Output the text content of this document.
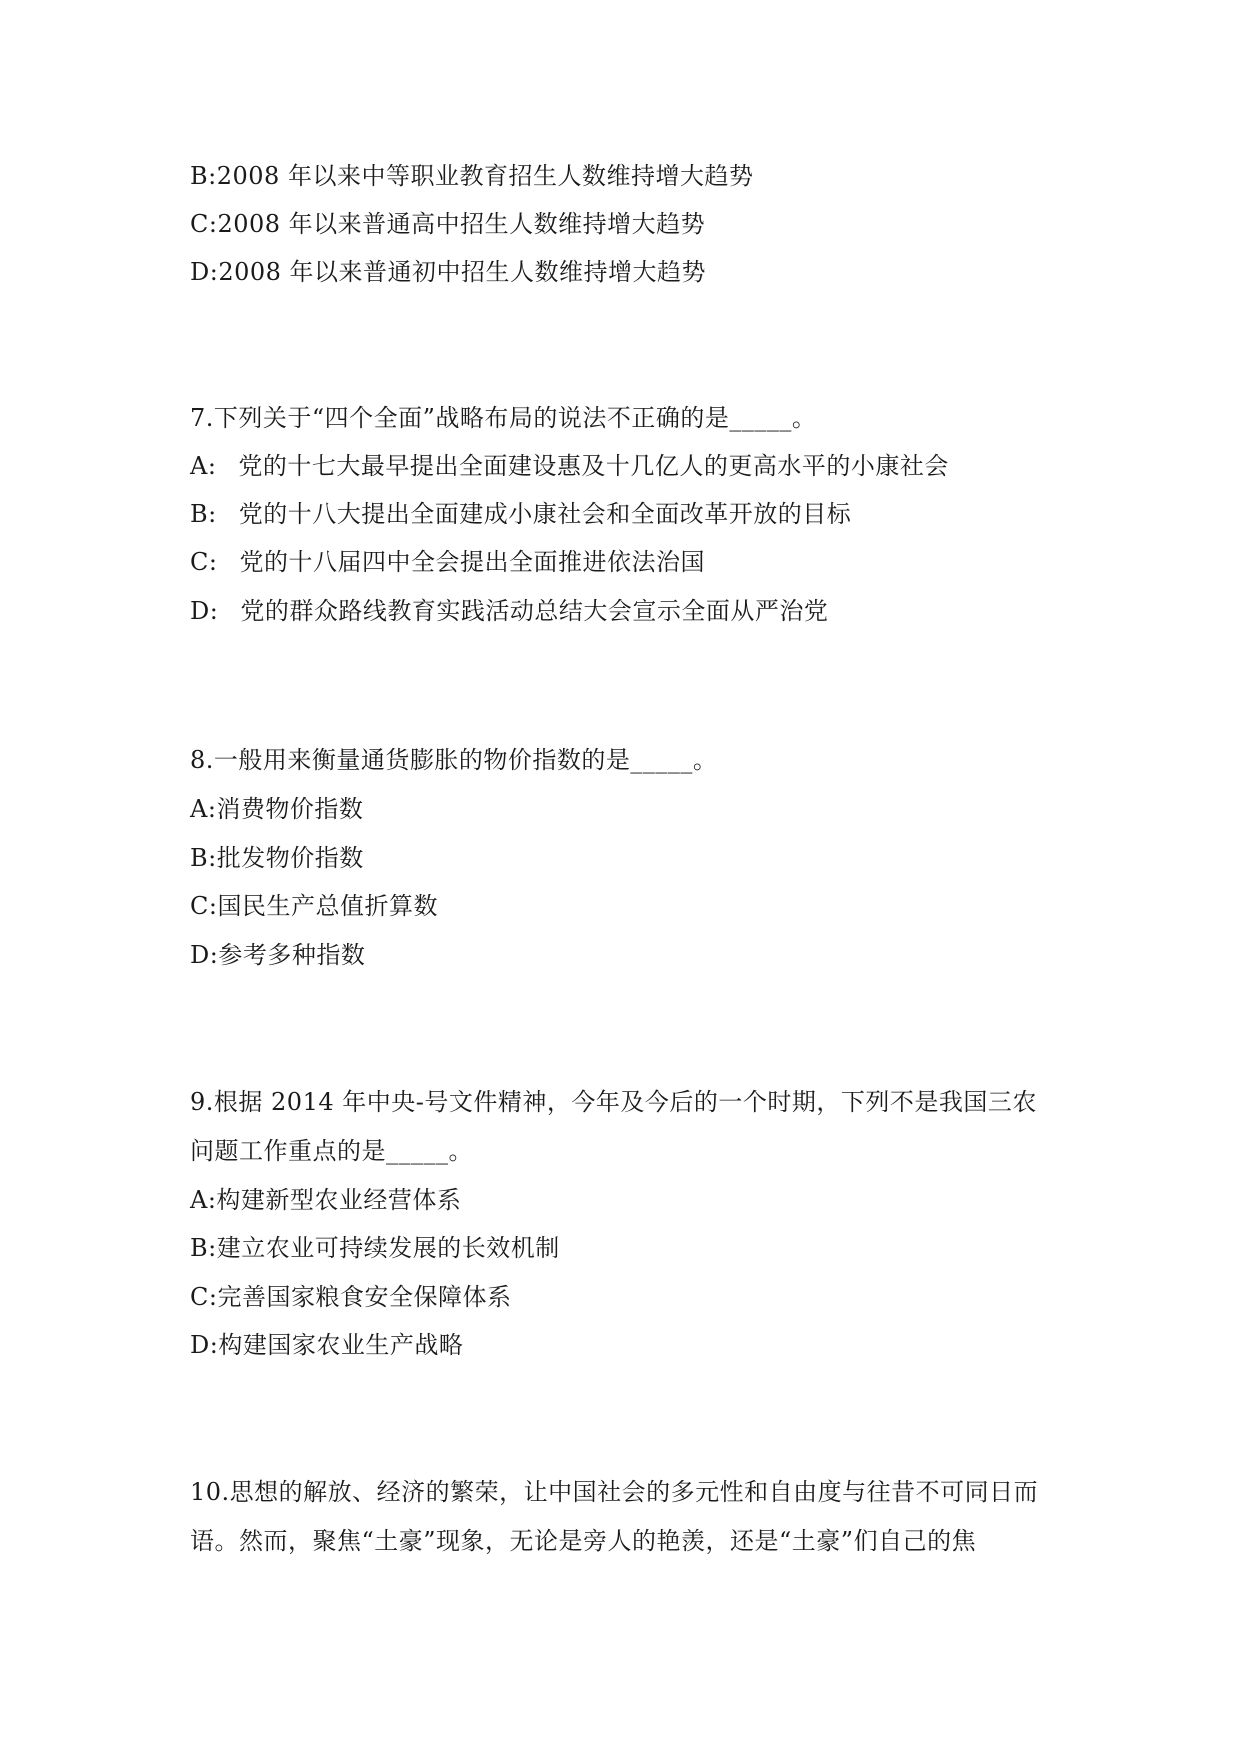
B:2008 年以来中等职业教育招生人数维持增大趋势
C:2008 年以来普通高中招生人数维持增大趋势
D:2008 年以来普通初中招生人数维持增大趋势
7.下列关于“四个全面”战略布局的说法不正确的是_____。
A: 党的十七大最早提出全面建设惠及十几亿人的更高水平的小康社会
B: 党的十八大提出全面建成小康社会和全面改革开放的目标
C: 党的十八届四中全会提出全面推进依法治国
D: 党的群众路线教育实践活动总结大会宣示全面从严治党
8.一般用来衡量通货膨胀的物价指数的是_____。
A:消费物价指数
B:批发物价指数
C:国民生产总值折算数
D:参考多种指数
9.根据 2014 年中央-号文件精神，今年及今后的一个时期，下列不是我国三农
问题工作重点的是_____。
A:构建新型农业经营体系
B:建立农业可持续发展的长效机制
C:完善国家粮食安全保障体系
D:构建国家农业生产战略
10.思想的解放、经济的繁荣，让中国社会的多元性和自由度与往昔不可同日而
语。然而，聚焦“土豪”现象，无论是旁人的艳羡，还是“土豪”们自己的焦
